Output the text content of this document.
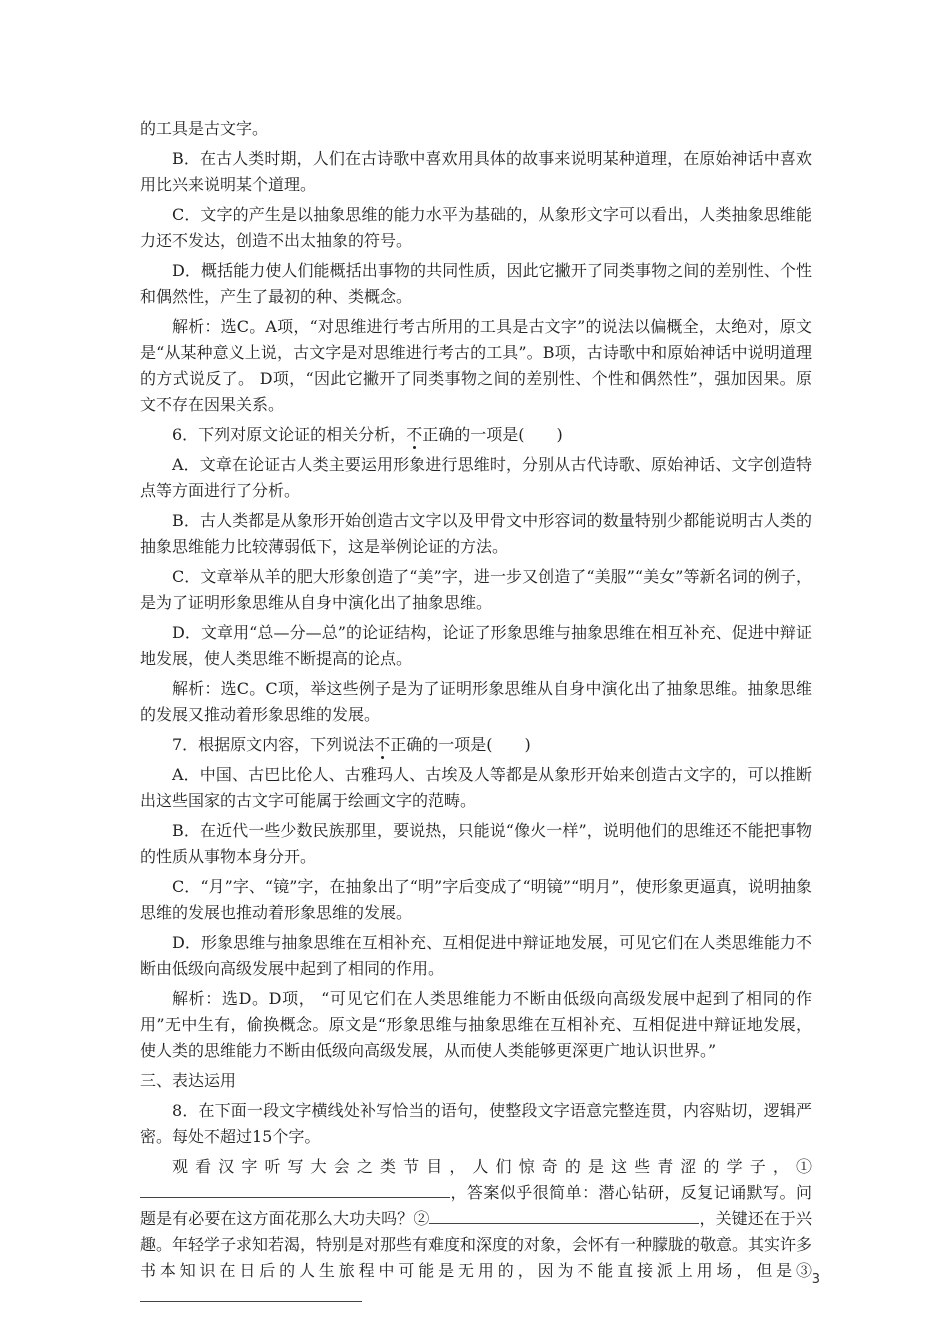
的工具是古文字。

B．在古人类时期，人们在古诗歌中喜欢用具体的故事来说明某种道理，在原始神话中喜欢用比兴来说明某个道理。

C．文字的产生是以抽象思维的能力水平为基础的，从象形文字可以看出，人类抽象思维能力还不发达，创造不出太抽象的符号。

D．概括能力使人们能概括出事物的共同性质，因此它撇开了同类事物之间的差别性、个性和偶然性，产生了最初的种、类概念。

解析：选C。A项，“对思维进行考古所用的工具是古文字”的说法以偏概全，太绝对，原文是“从某种意义上说，古文字是对思维进行考古的工具”。B项，古诗歌中和原始神话中说明道理的方式说反了。 D项，“因此它撇开了同类事物之间的差别性、个性和偶然性”，强加因果。原文不存在因果关系。

6．下列对原文论证的相关分析，不正确的一项是(　　)

A．文章在论证古人类主要运用形象进行思维时，分别从古代诗歌、原始神话、文字创造特点等方面进行了分析。

B．古人类都是从象形开始创造古文字以及甲骨文中形容词的数量特别少都能说明古人类的抽象思维能力比较薄弱低下，这是举例论证的方法。

C．文章举从羊的肥大形象创造了“美”字，进一步又创造了“美服”“美女”等新名词的例子，是为了证明形象思维从自身中演化出了抽象思维。

D．文章用“总—分—总”的论证结构，论证了形象思维与抽象思维在相互补充、促进中辩证地发展，使人类思维不断提高的论点。

解析：选C。C项，举这些例子是为了证明形象思维从自身中演化出了抽象思维。抽象思维的发展又推动着形象思维的发展。

7．根据原文内容，下列说法不正确的一项是(　　)

A．中国、古巴比伦人、古雅玛人、古埃及人等都是从象形开始来创造古文字的，可以推断出这些国家的古文字可能属于绘画文字的范畴。

B．在近代一些少数民族那里，要说热，只能说“像火一样”，说明他们的思维还不能把事物的性质从事物本身分开。

C．“月”字、“镜”字，在抽象出了“明”字后变成了“明镜”“明月”，使形象更逼真，说明抽象思维的发展也推动着形象思维的发展。

D．形象思维与抽象思维在互相补充、互相促进中辩证地发展，可见它们在人类思维能力不断由低级向高级发展中起到了相同的作用。

解析：选D。D项， “可见它们在人类思维能力不断由低级向高级发展中起到了相同的作用”无中生有，偷换概念。原文是“形象思维与抽象思维在互相补充、互相促进中辩证地发展，使人类的思维能力不断由低级向高级发展，从而使人类能够更深更广地认识世界。”

三、表达运用

8．在下面一段文字横线处补写恰当的语句，使整段文字语意完整连贯，内容贴切，逻辑严密。每处不超过15个字。

观看汉字听写大会之类节目，人们惊奇的是这些青涩的学子，①，答案似乎很简单：潜心钻研，反复记诵默写。问题是有必要在这方面花那么大功夫吗？②	，关键还在于兴趣。年轻学子求知若渴，特别是对那些有难度和深度的对象，会怀有一种朦胧的敬意。其实许多书本知识在日后的人生旅程中可能是无用的，因为不能直接派上用场，但是③ 3
